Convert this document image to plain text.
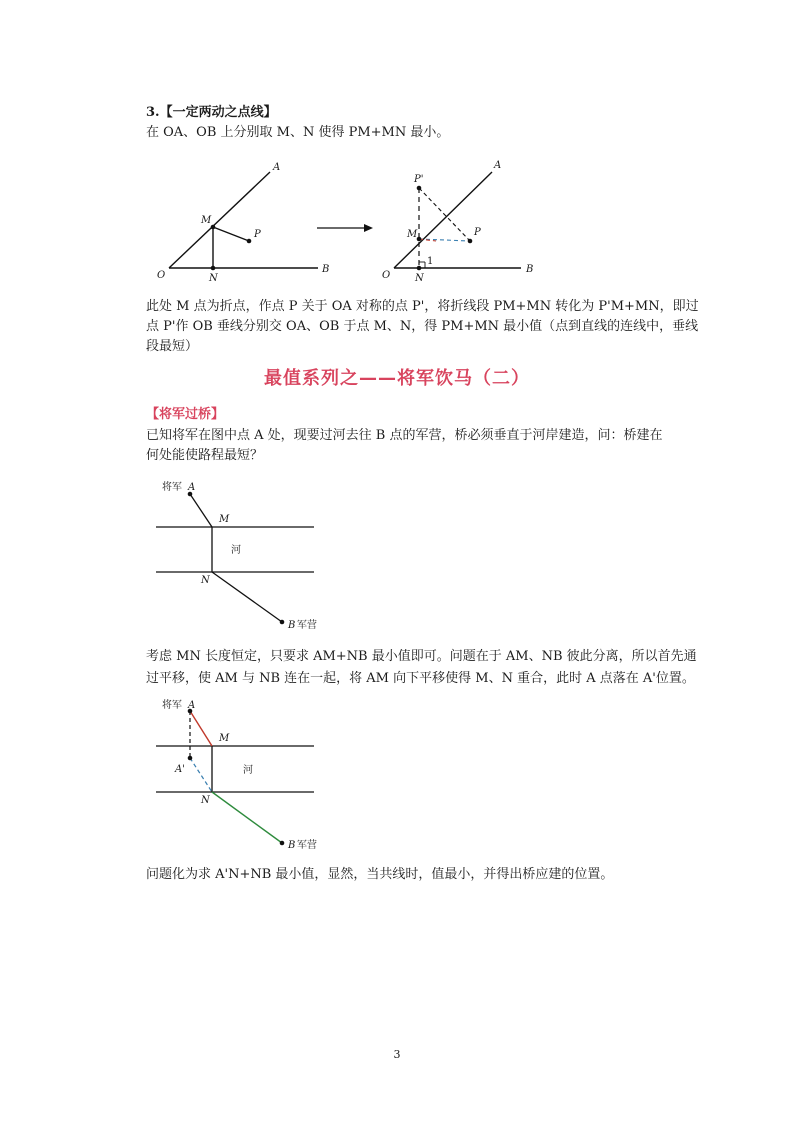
3.【一定两动之点线】
在 OA、OB 上分别取 M、N 使得 PM+MN 最小。
A
B
O
M
N
P
P'
A
B
O
M
N
P
1
将军 A
M
N
河
B 军营
将军 A
M
A'
N
河
B 军营
此处 M 点为折点，作点 P 关于 OA 对称的点 P'，将折线段 PM+MN 转化为 P'M+MN，即过
点 P'作 OB 垂线分别交 OA、OB 于点 M、N，得 PM+MN 最小值（点到直线的连线中，垂线
段最短）
最值系列之——将军饮马（二）
【将军过桥】
已知将军在图中点 A 处，现要过河去往 B 点的军营，桥必须垂直于河岸建造，问：桥建在
何处能使路程最短？
考虑 MN 长度恒定，只要求 AM+NB 最小值即可。问题在于 AM、NB 彼此分离，所以首先通
过平移，使 AM 与 NB 连在一起，将 AM 向下平移使得 M、N 重合，此时 A 点落在 A'位置。
问题化为求 A'N+NB 最小值，显然，当共线时，值最小，并得出桥应建的位置。
3
